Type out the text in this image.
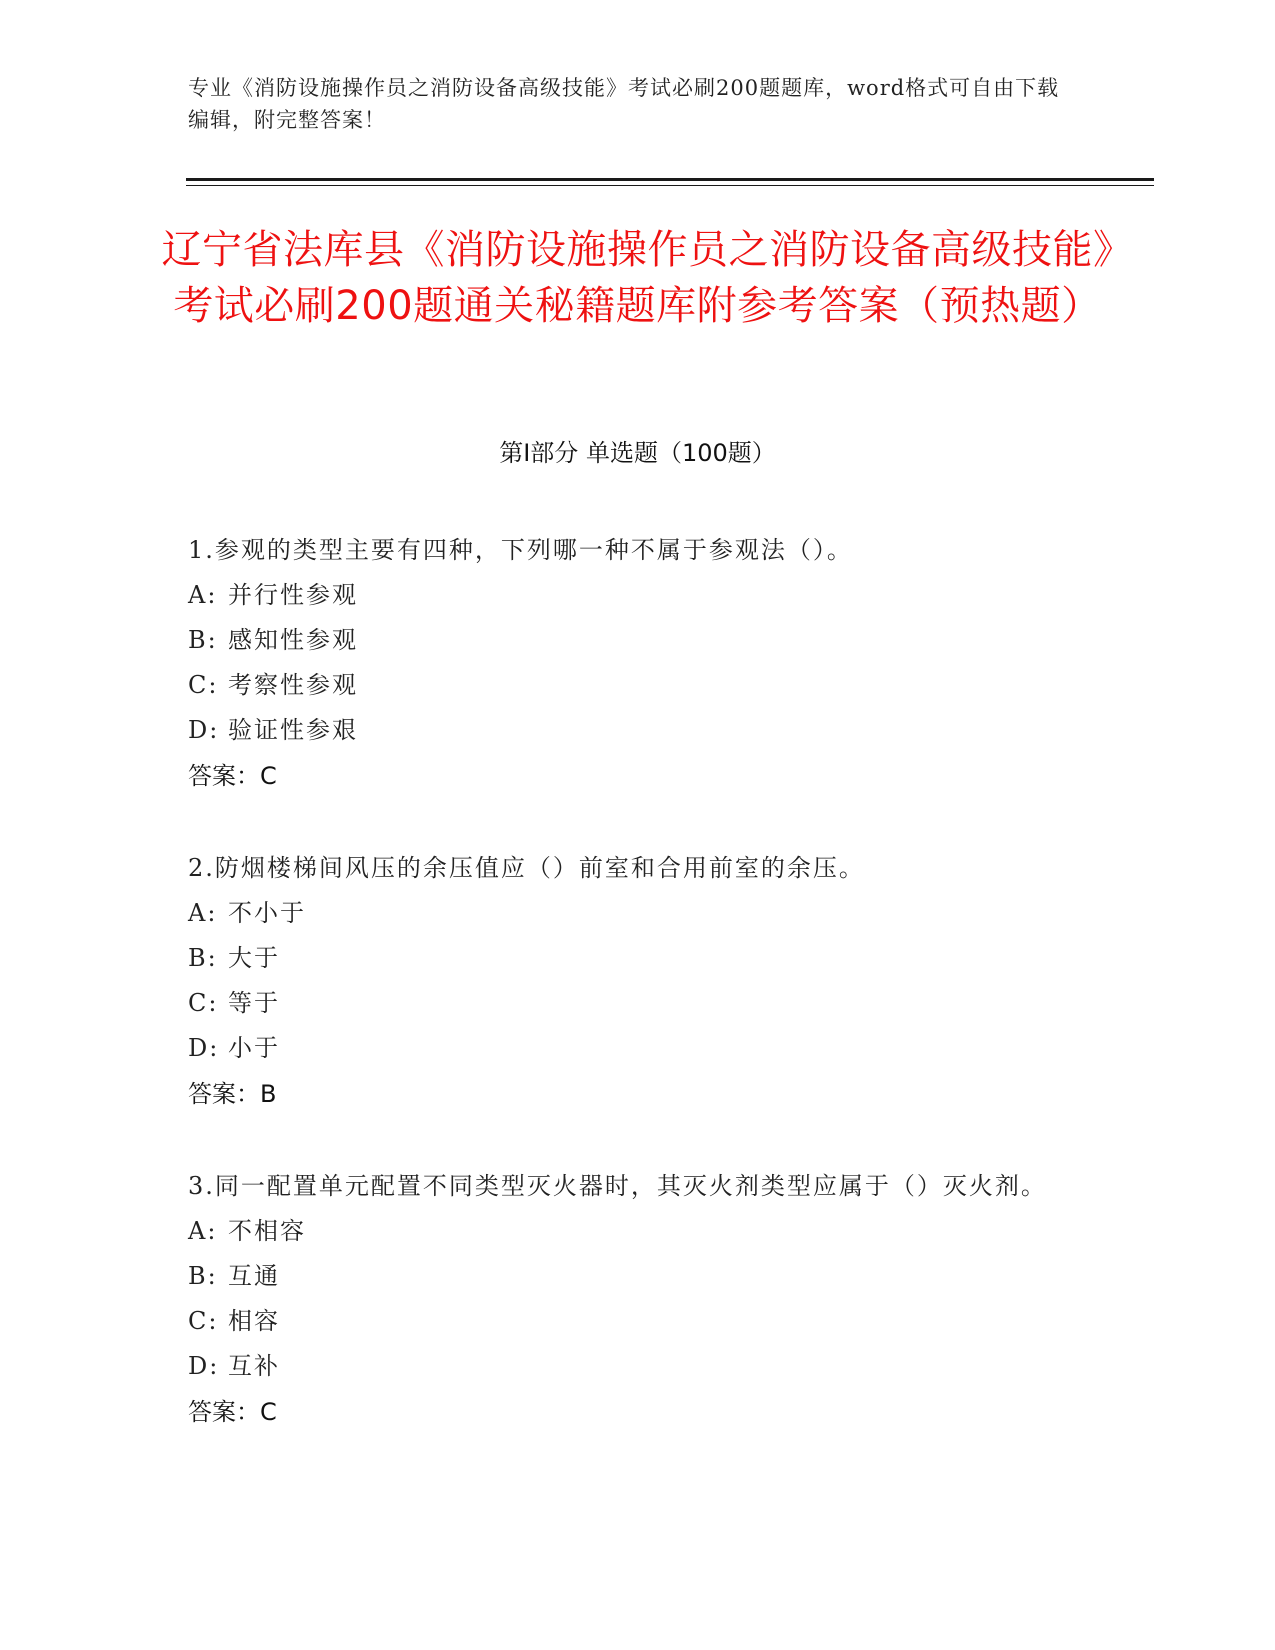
专业《消防设施操作员之消防设备高级技能》考试必刷200题题库，word格式可自由下载编辑，附完整答案！
辽宁省法库县《消防设施操作员之消防设备高级技能》考试必刷200题通关秘籍题库附参考答案（预热题）
第I部分 单选题（100题）

1.参观的类型主要有四种，下列哪一种不属于参观法（）。

A: 并行性参观

B: 感知性参观

C: 考察性参观

D: 验证性参艰

答案：C

2.防烟楼梯间风压的余压值应（）前室和合用前室的余压。

A: 不小于

B: 大于

C: 等于

D: 小于

答案：B

3.同一配置单元配置不同类型灭火器时，其灭火剂类型应属于（）灭火剂。

A: 不相容

B: 互通

C: 相容

D: 互补

答案：C
